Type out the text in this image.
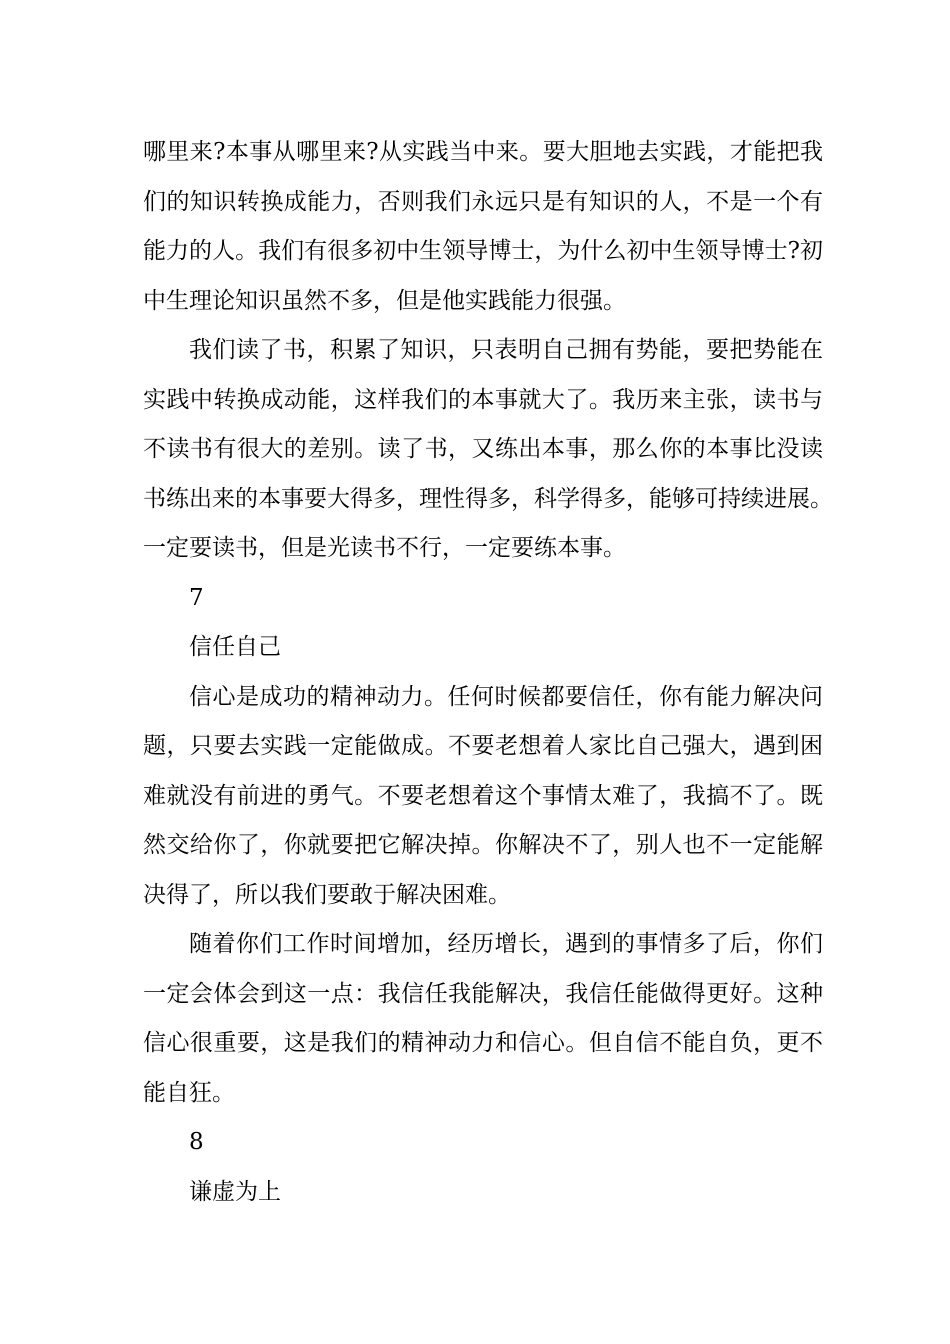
哪里来?本事从哪里来?从实践当中来。要大胆地去实践，才能把我
们的知识转换成能力，否则我们永远只是有知识的人，不是一个有
能力的人。我们有很多初中生领导博士，为什么初中生领导博士?初
中生理论知识虽然不多，但是他实践能力很强。
我们读了书，积累了知识，只表明自己拥有势能，要把势能在
实践中转换成动能，这样我们的本事就大了。我历来主张，读书与
不读书有很大的差别。读了书，又练出本事，那么你的本事比没读
书练出来的本事要大得多，理性得多，科学得多，能够可持续进展。
一定要读书，但是光读书不行，一定要练本事。
7
信任自己
信心是成功的精神动力。任何时候都要信任，你有能力解决问
题，只要去实践一定能做成。不要老想着人家比自己强大，遇到困
难就没有前进的勇气。不要老想着这个事情太难了，我搞不了。既
然交给你了，你就要把它解决掉。你解决不了，别人也不一定能解
决得了，所以我们要敢于解决困难。
随着你们工作时间增加，经历增长，遇到的事情多了后，你们
一定会体会到这一点：我信任我能解决，我信任能做得更好。这种
信心很重要，这是我们的精神动力和信心。但自信不能自负，更不
能自狂。
8
谦虚为上
